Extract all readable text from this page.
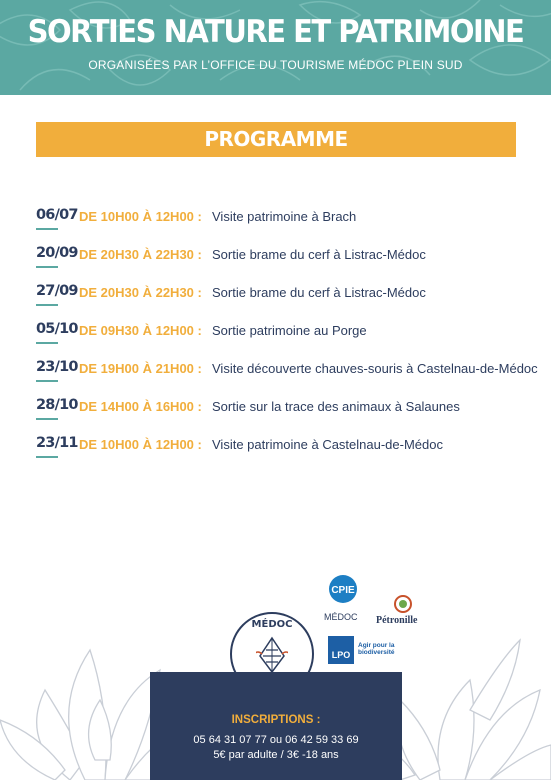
SORTIES NATURE ET PATRIMOINE
ORGANISÉES PAR L’OFFICE DU TOURISME MÉDOC PLEIN SUD
PROGRAMME
06/07 DE 10H00 À 12H00 : Visite patrimoine à Brach
20/09 DE 20H30 À 22H30 : Sortie brame du cerf à Listrac-Médoc
27/09 DE 20H30 À 22H30 : Sortie brame du cerf à Listrac-Médoc
05/10 DE 09H30 À 12H00 : Sortie patrimoine au Porge
23/10 DE 19H00 À 21H00 : Visite découverte chauves-souris à Castelnau-de-Médoc
28/10 DE 14H00 À 16H00 : Sortie sur la trace des animaux à Salaunes
23/11 DE 10H00 À 12H00 : Visite patrimoine à Castelnau-de-Médoc
CPIE
MÉDOC Pétronille
LPO
Agir pour la biodiversité
MÉDOC
INSCRIPTIONS :
05 64 31 07 77 ou 06 42 59 33 69
5€ par adulte / 3€ -18 ans
